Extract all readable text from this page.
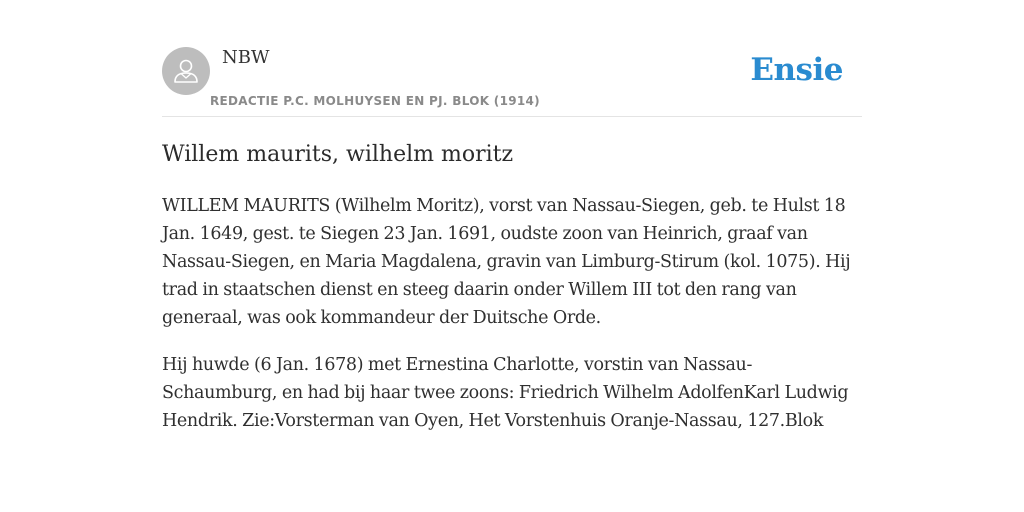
NBW
REDACTIE P.C. MOLHUYSEN EN PJ. BLOK (1914)
Ensie
Willem maurits, wilhelm moritz

WILLEM MAURITS (Wilhelm Moritz), vorst van Nassau-Siegen, geb. te Hulst 18 Jan. 1649, gest. te Siegen 23 Jan. 1691, oudste zoon van Heinrich, graaf van Nassau-Siegen, en Maria Magdalena, gravin van Limburg-Stirum (kol. 1075). Hij trad in staatschen dienst en steeg daarin onder Willem III tot den rang van generaal, was ook kommandeur der Duitsche Orde.

Hij huwde (6 Jan. 1678) met Ernestina Charlotte, vorstin van Nassau-Schaumburg, en had bij haar twee zoons: Friedrich Wilhelm AdolfenKarl Ludwig Hendrik. Zie:Vorsterman van Oyen, Het Vorstenhuis Oranje-Nassau, 127.Blok
